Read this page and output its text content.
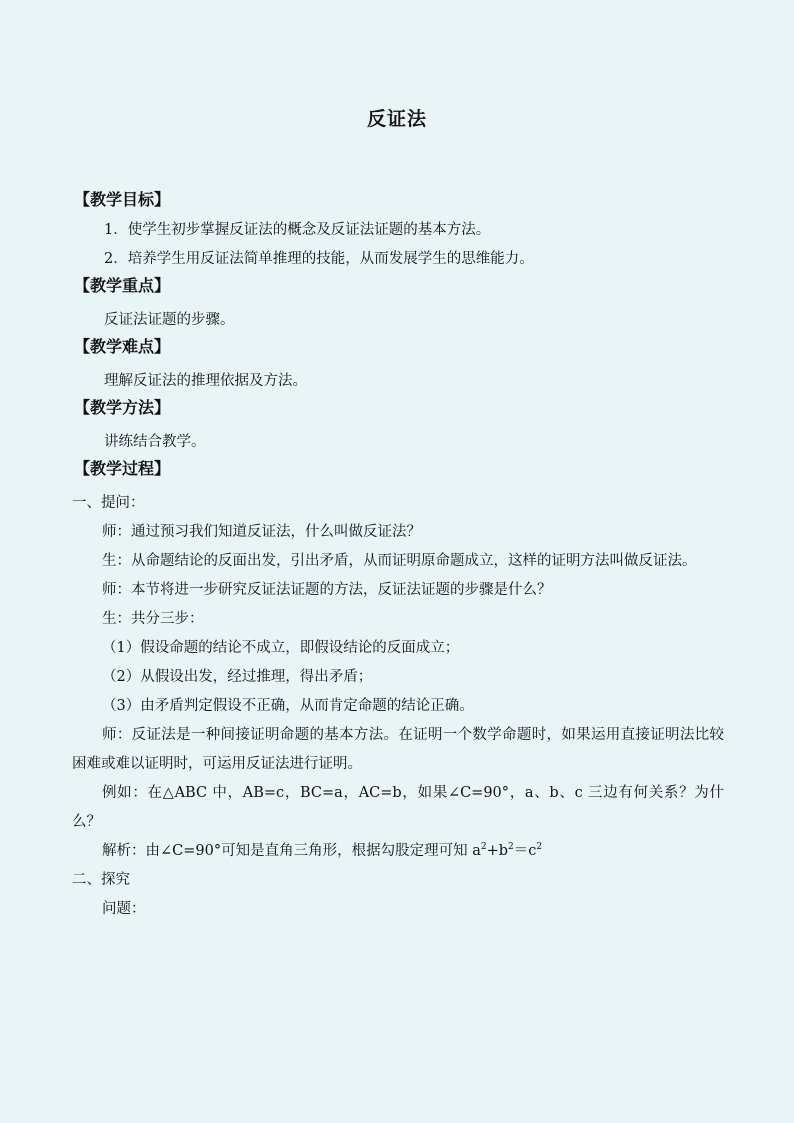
反证法
【教学目标】
1．使学生初步掌握反证法的概念及反证法证题的基本方法。
2．培养学生用反证法简单推理的技能，从而发展学生的思维能力。
【教学重点】
反证法证题的步骤。
【教学难点】
理解反证法的推理依据及方法。
【教学方法】
讲练结合教学。
【教学过程】
一、提问：
师：通过预习我们知道反证法，什么叫做反证法？
生：从命题结论的反面出发，引出矛盾，从而证明原命题成立，这样的证明方法叫做反证法。
师：本节将进一步研究反证法证题的方法，反证法证题的步骤是什么？
生：共分三步：
（1）假设命题的结论不成立，即假设结论的反面成立；
（2）从假设出发，经过推理，得出矛盾；
（3）由矛盾判定假设不正确，从而肯定命题的结论正确。
师：反证法是一种间接证明命题的基本方法。在证明一个数学命题时，如果运用直接证明法比较困难或难以证明时，可运用反证法进行证明。
例如：在△ABC 中，AB=c，BC=a，AC=b，如果∠C=90°，a、b、c 三边有何关系？为什么？
解析：由∠C=90°可知是直角三角形，根据勾股定理可知 $a^2+b^2=c^2$
二、探究
问题：
